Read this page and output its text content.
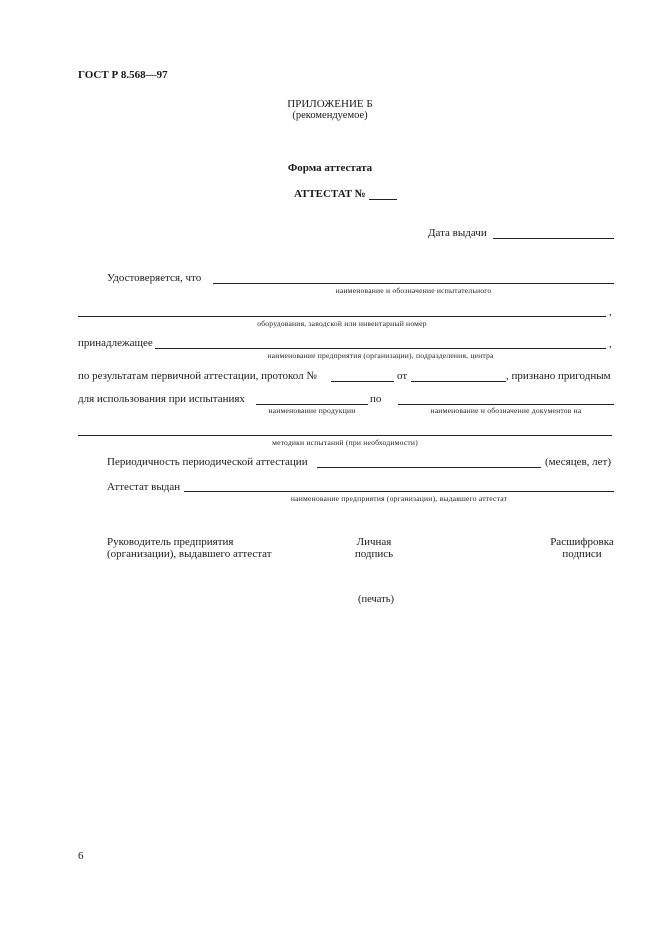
ГОСТ Р 8.568—97
ПРИЛОЖЕНИЕ Б
(рекомендуемое)
Форма аттестата
АТТЕСТАТ №
Дата выдачи
Удостоверяется, что
наименование и обозначение испытательного
,
оборудования, заводской или инвентарный номер
принадлежащее	,
наименование предприятия (организации), подразделения, центра
по результатам первичной аттестации, протокол №	от	, признано пригодным
для использования при испытаниях	по
наименование продукции	наименование и обозначение документов на
методики испытаний (при необходимости)
Периодичность периодической аттестации	(месяцев, лет)
Аттестат выдан
наименование предприятия (организации), выдавшего аттестат
Руководитель предприятия
(организации), выдавшего аттестат
Личная
подпись
Расшифровка
подписи
(печать)
6
